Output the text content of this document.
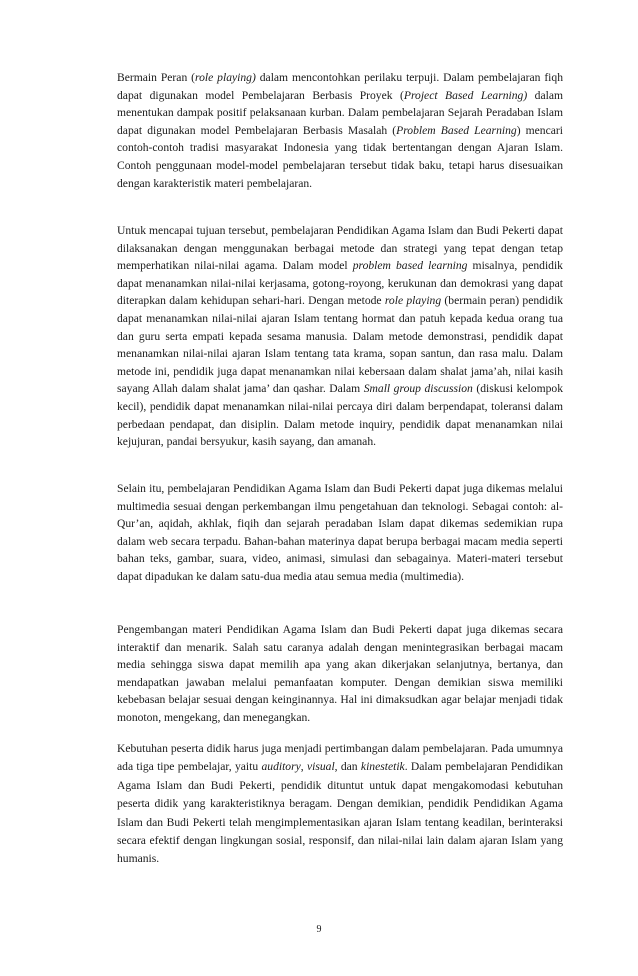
Bermain Peran (role playing) dalam mencontohkan perilaku terpuji. Dalam pembelajaran fiqh dapat digunakan model Pembelajaran Berbasis Proyek (Project Based Learning) dalam menentukan dampak positif pelaksanaan kurban. Dalam pembelajaran Sejarah Peradaban Islam dapat digunakan model Pembelajaran Berbasis Masalah (Problem Based Learning) mencari contoh-contoh tradisi masyarakat Indonesia yang tidak bertentangan dengan Ajaran Islam. Contoh penggunaan model-model pembelajaran tersebut tidak baku, tetapi harus disesuaikan dengan karakteristik materi pembelajaran.

Untuk mencapai tujuan tersebut, pembelajaran Pendidikan Agama Islam dan Budi Pekerti dapat dilaksanakan dengan menggunakan berbagai metode dan strategi yang tepat dengan tetap memperhatikan nilai-nilai agama. Dalam model problem based learning misalnya, pendidik dapat menanamkan nilai-nilai kerjasama, gotong-royong, kerukunan dan demokrasi yang dapat diterapkan dalam kehidupan sehari-hari. Dengan metode role playing (bermain peran) pendidik dapat menanamkan nilai-nilai ajaran Islam tentang hormat dan patuh kepada kedua orang tua dan guru serta empati kepada sesama manusia. Dalam metode demonstrasi, pendidik dapat menanamkan nilai-nilai ajaran Islam tentang tata krama, sopan santun, dan rasa malu. Dalam metode ini, pendidik juga dapat menanamkan nilai kebersaan dalam shalat jama’ah, nilai kasih sayang Allah dalam shalat jama’ dan qashar. Dalam Small group discussion (diskusi kelompok kecil), pendidik dapat menanamkan nilai-nilai percaya diri dalam berpendapat, toleransi dalam perbedaan pendapat, dan disiplin. Dalam metode inquiry, pendidik dapat menanamkan nilai kejujuran, pandai bersyukur, kasih sayang, dan amanah.

Selain itu, pembelajaran Pendidikan Agama Islam dan Budi Pekerti dapat juga dikemas melalui multimedia sesuai dengan perkembangan ilmu pengetahuan dan teknologi. Sebagai contoh: al-Qur’an, aqidah, akhlak, fiqih dan sejarah peradaban Islam dapat dikemas sedemikian rupa dalam web secara terpadu. Bahan-bahan materinya dapat berupa berbagai macam media seperti bahan teks, gambar, suara, video, animasi, simulasi dan sebagainya. Materi-materi tersebut dapat dipadukan ke dalam satu-dua media atau semua media (multimedia).

Pengembangan materi Pendidikan Agama Islam dan Budi Pekerti dapat juga dikemas secara interaktif dan menarik. Salah satu caranya adalah dengan menintegrasikan berbagai macam media sehingga siswa dapat memilih apa yang akan dikerjakan selanjutnya, bertanya, dan mendapatkan jawaban melalui pemanfaatan komputer. Dengan demikian siswa memiliki kebebasan belajar sesuai dengan keinginannya. Hal ini dimaksudkan agar belajar menjadi tidak monoton, mengekang, dan menegangkan.

Kebutuhan peserta didik harus juga menjadi pertimbangan dalam pembelajaran. Pada umumnya ada tiga tipe pembelajar, yaitu auditory, visual, dan kinestetik. Dalam pembelajaran Pendidikan Agama Islam dan Budi Pekerti, pendidik dituntut untuk dapat mengakomodasi kebutuhan peserta didik yang karakteristiknya beragam. Dengan demikian, pendidik Pendidikan Agama Islam dan Budi Pekerti telah mengimplementasikan ajaran Islam tentang keadilan, berinteraksi secara efektif dengan lingkungan sosial, responsif, dan nilai-nilai lain dalam ajaran Islam yang humanis.

9
